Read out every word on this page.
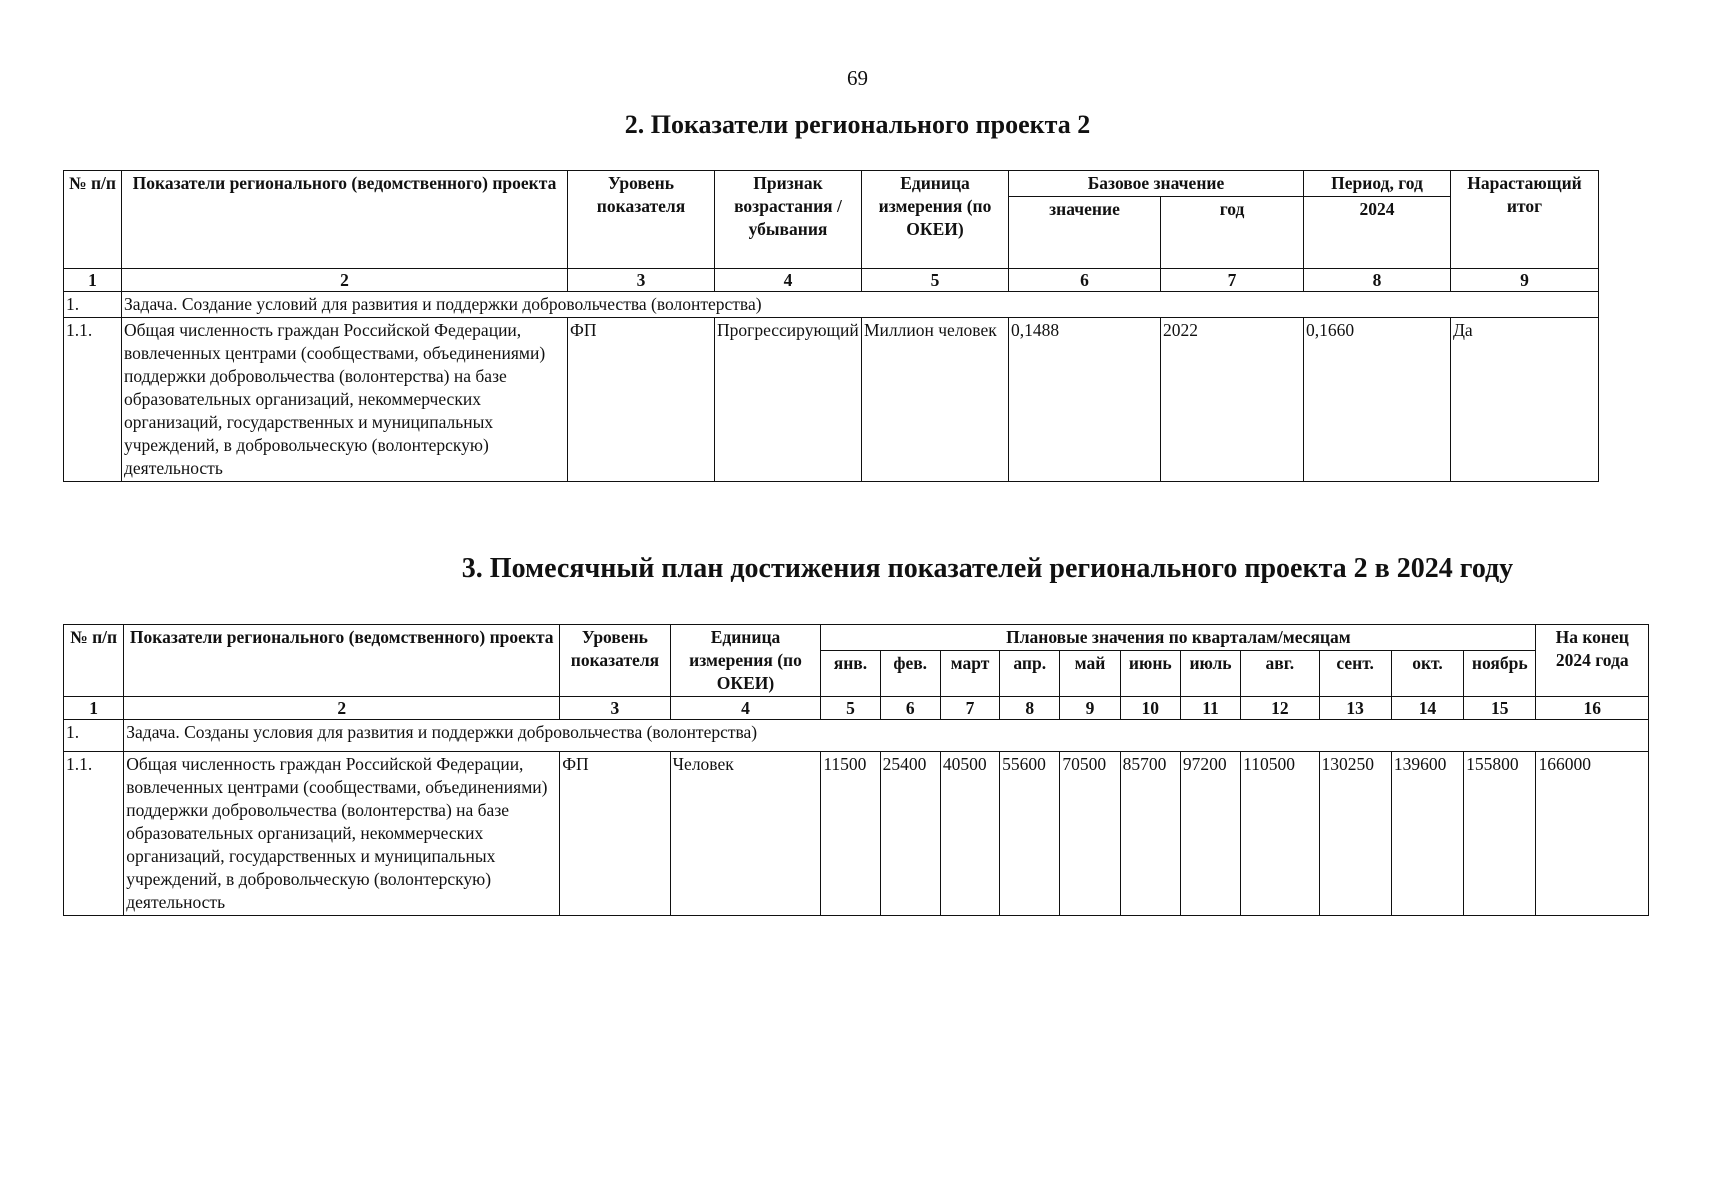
69
2. Показатели регионального проекта 2
№ п/п	Показатели регионального (ведомственного) проекта	Уровень показателя	Признак возрастания / убывания	Единица измерения (по ОКЕИ)	Базовое значение		Период, год	Нарастающий итог
					значение	год	2024	
1	2	3	4	5	6	7	8	9
1.	Задача. Создание условий для развития и поддержки добровольчества (волонтерства)							
1.1.	Общая численность граждан Российской Федерации, вовлеченных центрами (сообществами, объединениями) поддержки добровольчества (волонтерства) на базе образовательных организаций, некоммерческих организаций, государственных и муниципальных учреждений, в добровольческую (волонтерскую) деятельность	ФП	Прогрессирующий	Миллион человек	0,1488	2022	0,1660	Да
3. Помесячный план достижения показателей регионального проекта 2 в 2024 году
№ п/п	Показатели регионального (ведомственного) проекта	Уровень показателя	Единица измерения (по ОКЕИ)	Плановые значения по кварталам/месяцам											На конец 2024 года
				янв.	фев.	март	апр.	май	июнь	июль	авг.	сент.	окт.	ноябрь	
1	2	3	4	5	6	7	8	9	10	11	12	13	14	15	16
1.	Задача. Созданы условия для развития и поддержки добровольчества (волонтерства)														
1.1.	Общая численность граждан Российской Федерации, вовлеченных центрами (сообществами, объединениями) поддержки добровольчества (волонтерства) на базе образовательных организаций, некоммерческих организаций, государственных и муниципальных учреждений, в добровольческую (волонтерскую) деятельность	ФП	Человек	11500	25400	40500	55600	70500	85700	97200	110500	130250	139600	155800	166000
